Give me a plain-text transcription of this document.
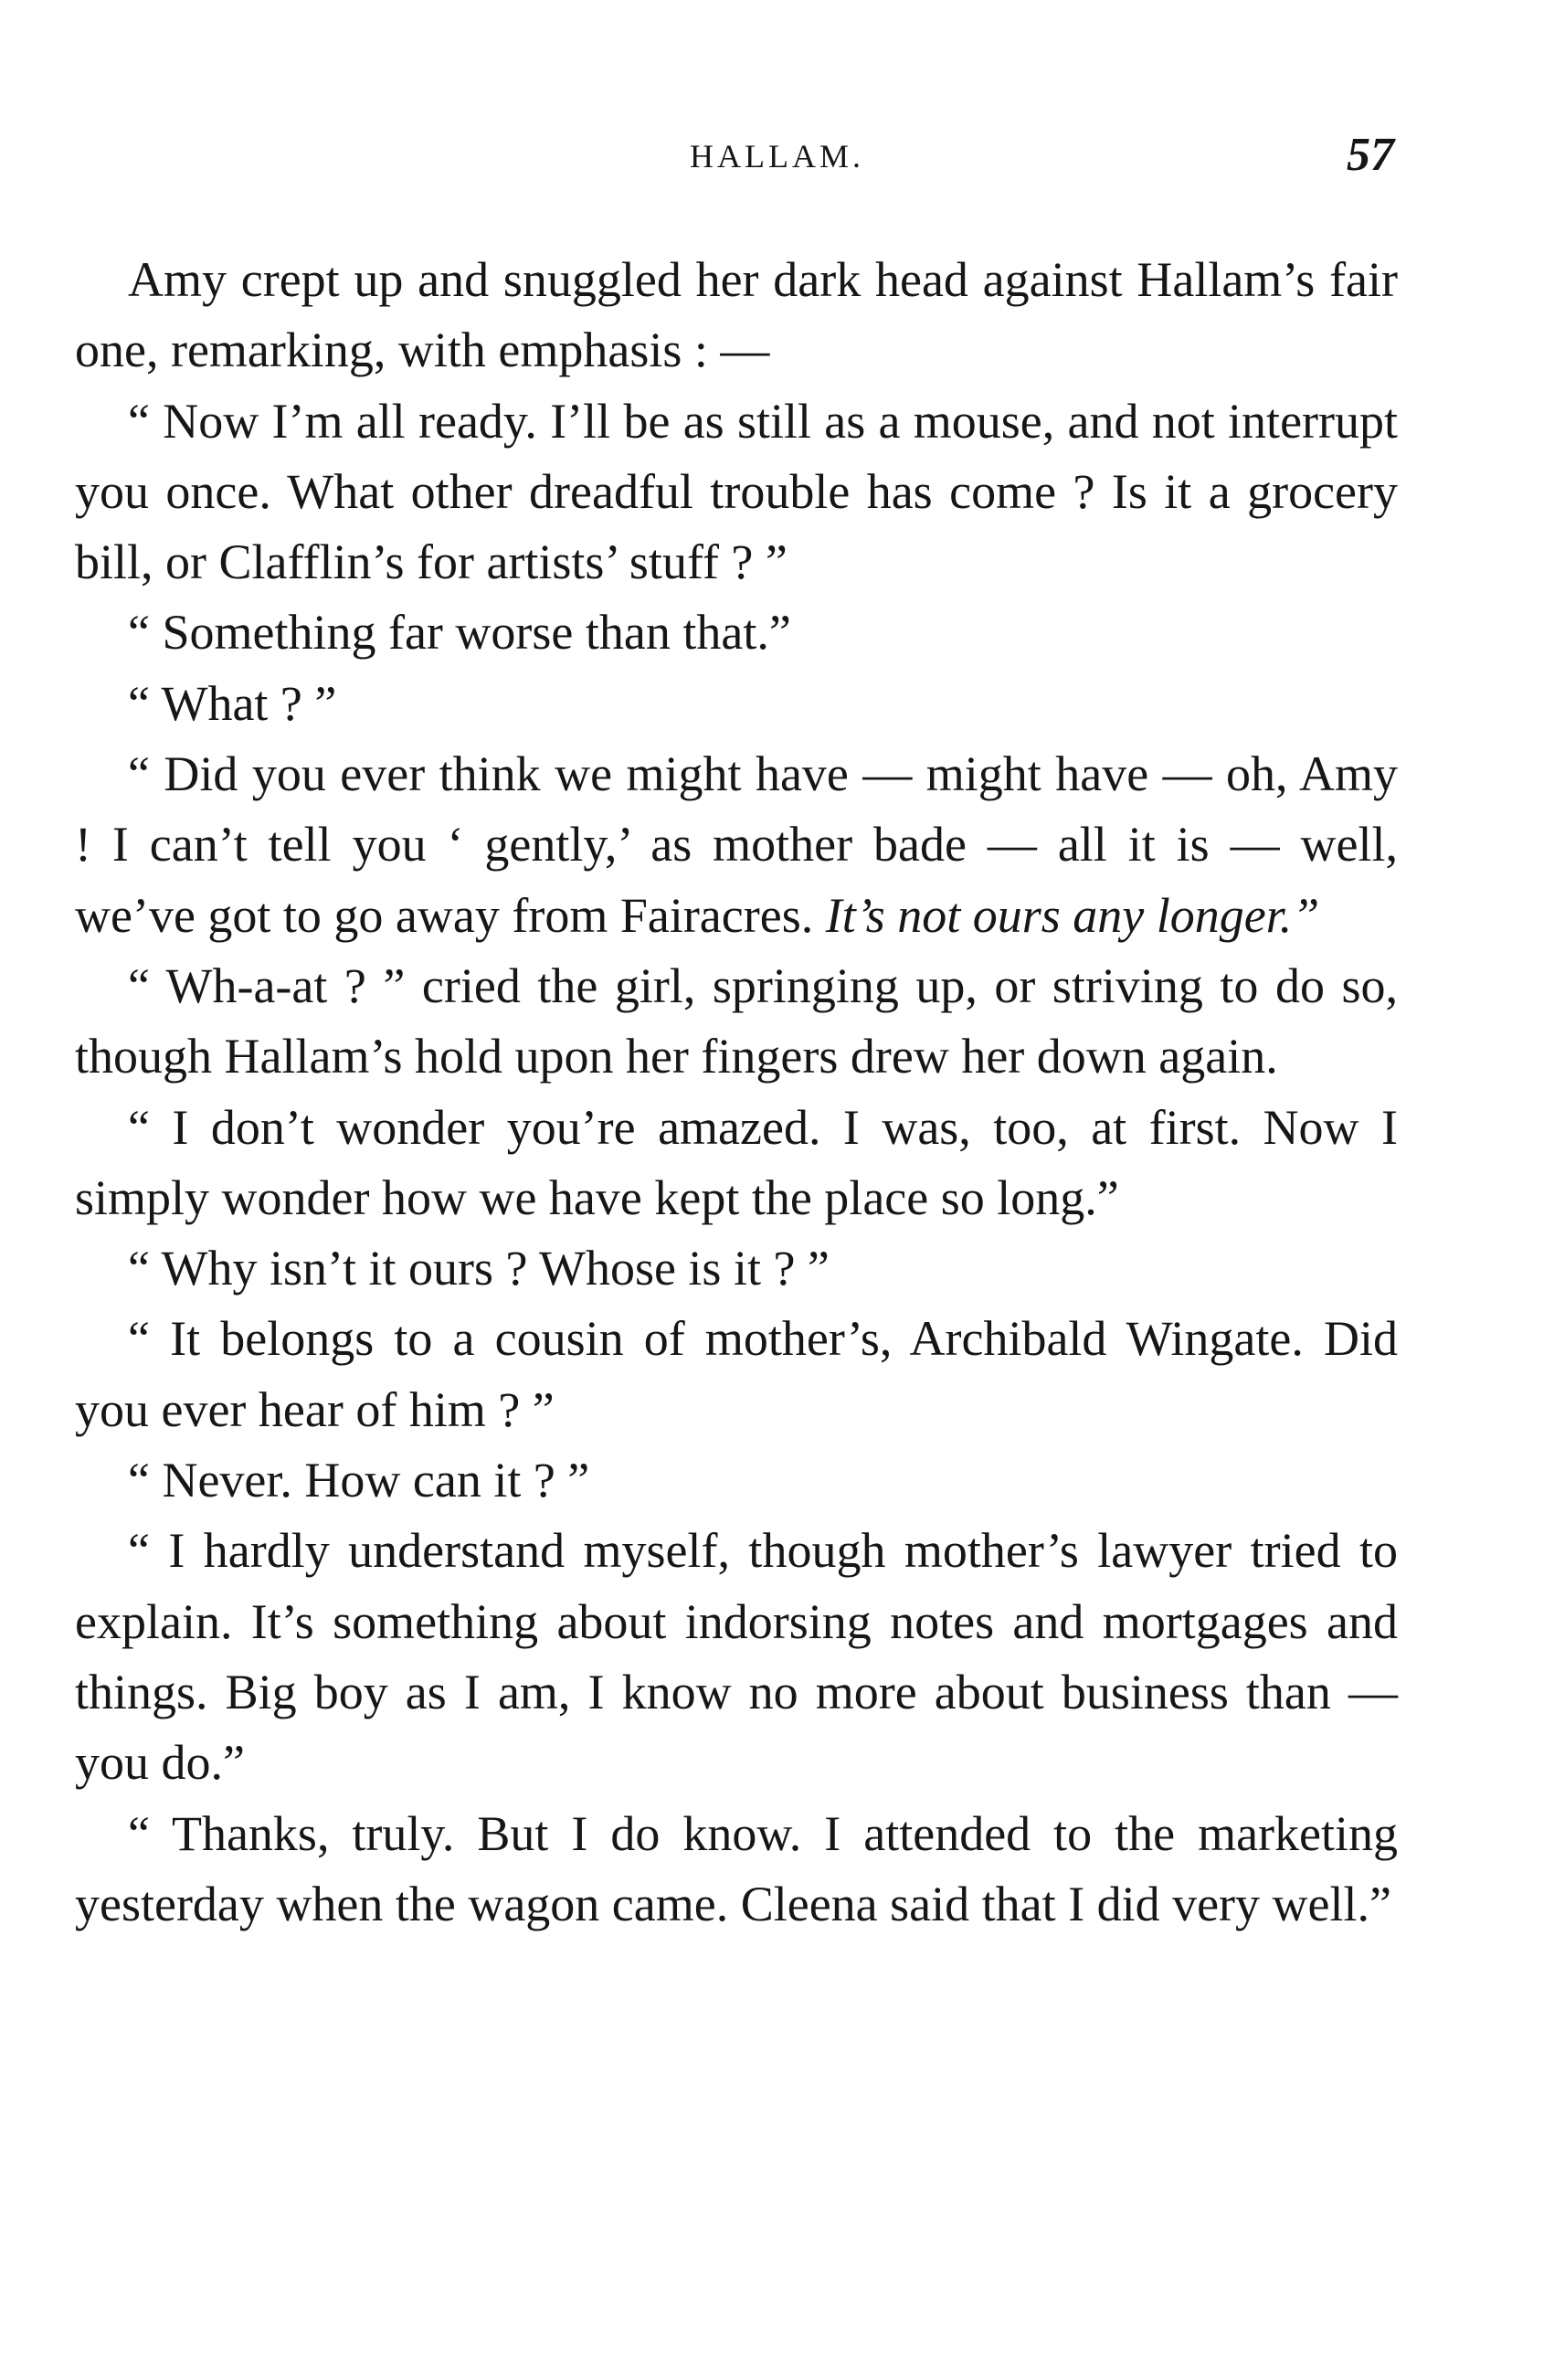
HALLAM.	57

Amy crept up and snuggled her dark head against Hallam’s fair one, remarking, with emphasis : —

“ Now I’m all ready. I’ll be as still as a mouse, and not interrupt you once. What other dreadful trouble has come ? Is it a grocery bill, or Clafflin’s for artists’ stuff ? ”

“ Something far worse than that.”

“ What ? ”

“ Did you ever think we might have — might have — oh, Amy ! I can’t tell you ‘ gently,’ as mother bade — all it is — well, we’ve got to go away from Fairacres. It’s not ours any longer.”

“ Wh-a-at ? ” cried the girl, springing up, or striving to do so, though Hallam’s hold upon her fingers drew her down again.

“ I don’t wonder you’re amazed. I was, too, at first. Now I simply wonder how we have kept the place so long.”

“ Why isn’t it ours ? Whose is it ? ”

“ It belongs to a cousin of mother’s, Archibald Wingate. Did you ever hear of him ? ”

“ Never. How can it ? ”

“ I hardly understand myself, though mother’s lawyer tried to explain. It’s something about indorsing notes and mortgages and things. Big boy as I am, I know no more about business than — you do.”

“ Thanks, truly. But I do know. I attended to the marketing yesterday when the wagon came. Cleena said that I did very well.”
